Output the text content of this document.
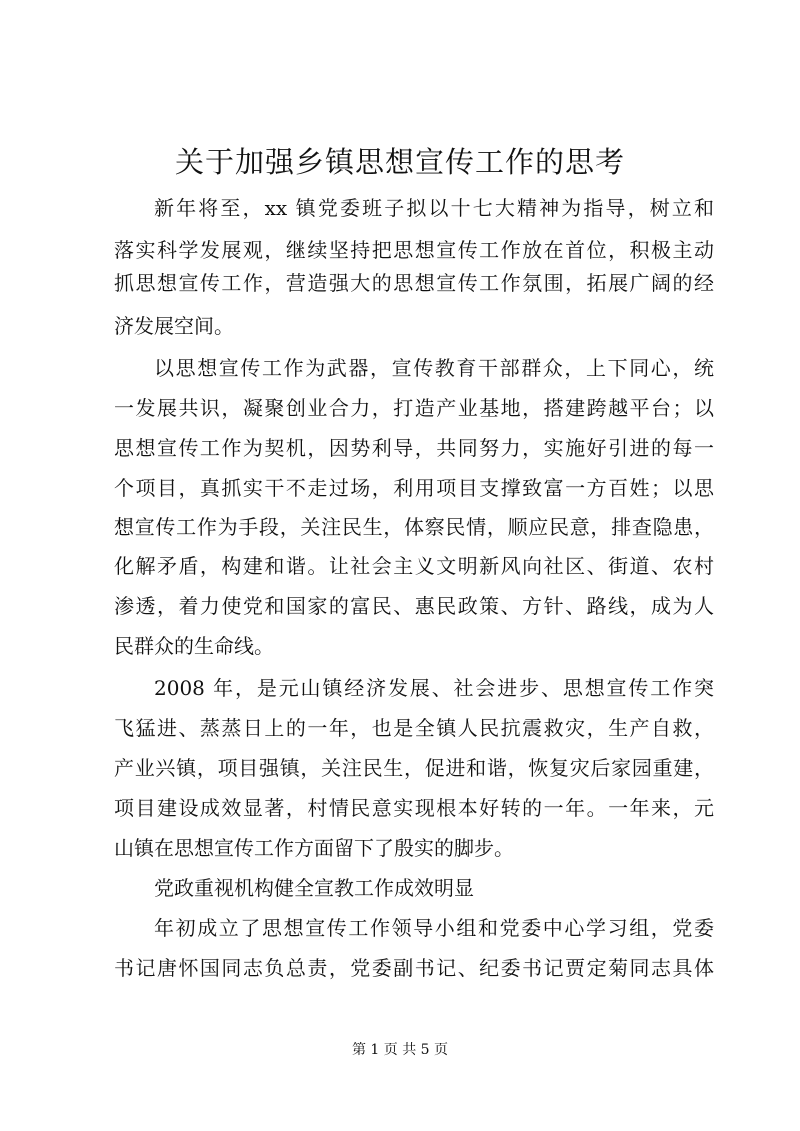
关于加强乡镇思想宣传工作的思考
新年将至，xx 镇党委班子拟以十七大精神为指导，树立和
落实科学发展观，继续坚持把思想宣传工作放在首位，积极主动
抓思想宣传工作，营造强大的思想宣传工作氛围，拓展广阔的经
济发展空间。
以思想宣传工作为武器，宣传教育干部群众，上下同心，统
一发展共识，凝聚创业合力，打造产业基地，搭建跨越平台；以
思想宣传工作为契机，因势利导，共同努力，实施好引进的每一
个项目，真抓实干不走过场，利用项目支撑致富一方百姓；以思
想宣传工作为手段，关注民生，体察民情，顺应民意，排查隐患，
化解矛盾，构建和谐。让社会主义文明新风向社区、街道、农村
渗透，着力使党和国家的富民、惠民政策、方针、路线，成为人
民群众的生命线。
2008 年，是元山镇经济发展、社会进步、思想宣传工作突
飞猛进、蒸蒸日上的一年，也是全镇人民抗震救灾，生产自救，
产业兴镇，项目强镇，关注民生，促进和谐，恢复灾后家园重建，
项目建设成效显著，村情民意实现根本好转的一年。一年来，元
山镇在思想宣传工作方面留下了殷实的脚步。
党政重视机构健全宣教工作成效明显
年初成立了思想宣传工作领导小组和党委中心学习组，党委
书记唐怀国同志负总责，党委副书记、纪委书记贾定菊同志具体
第 1 页 共 5 页
